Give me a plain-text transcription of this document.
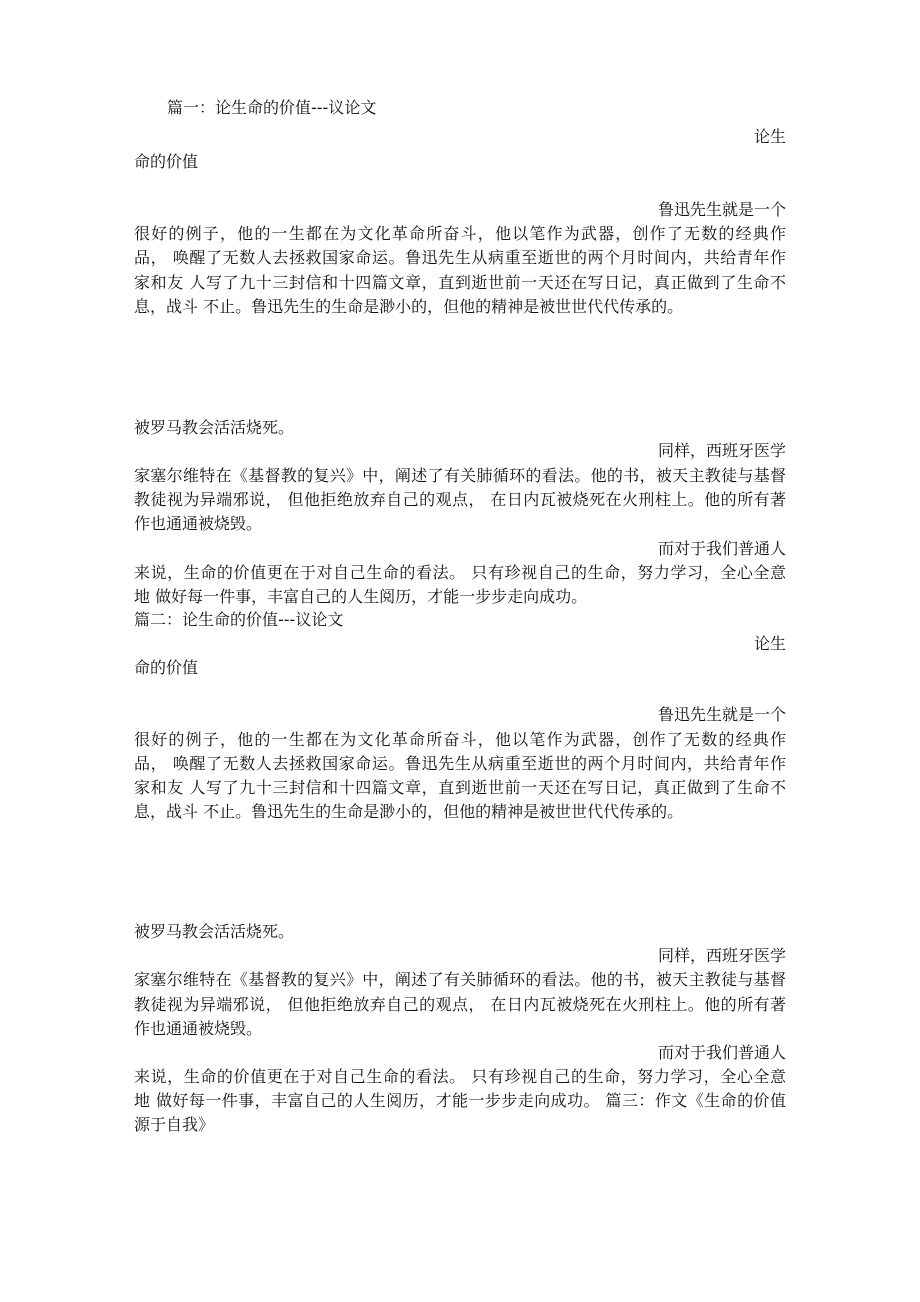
篇一：论生命的价值---议论文
论生
命的价值
鲁迅先生就是一个
很好的例子，他的一生都在为文化革命所奋斗，他以笔作为武器，创作了无数的经典作
品， 唤醒了无数人去拯救国家命运。鲁迅先生从病重至逝世的两个月时间内，共给青年作
家和友 人写了九十三封信和十四篇文章，直到逝世前一天还在写日记，真正做到了生命不
息，战斗 不止。鲁迅先生的生命是渺小的，但他的精神是被世世代代传承的。
被罗马教会活活烧死。
同样，西班牙医学
家塞尔维特在《基督教的复兴》中，阐述了有关肺循环的看法。他的书，被天主教徒与基督
教徒视为异端邪说， 但他拒绝放弃自己的观点， 在日内瓦被烧死在火刑柱上。他的所有著
作也通通被烧毁。
而对于我们普通人
来说，生命的价值更在于对自己生命的看法。 只有珍视自己的生命，努力学习，全心全意
地 做好每一件事，丰富自己的人生阅历，才能一步步走向成功。
篇二：论生命的价值---议论文
论生
命的价值
鲁迅先生就是一个
很好的例子，他的一生都在为文化革命所奋斗，他以笔作为武器，创作了无数的经典作
品， 唤醒了无数人去拯救国家命运。鲁迅先生从病重至逝世的两个月时间内，共给青年作
家和友 人写了九十三封信和十四篇文章，直到逝世前一天还在写日记，真正做到了生命不
息，战斗 不止。鲁迅先生的生命是渺小的，但他的精神是被世世代代传承的。
被罗马教会活活烧死。
同样，西班牙医学
家塞尔维特在《基督教的复兴》中，阐述了有关肺循环的看法。他的书，被天主教徒与基督
教徒视为异端邪说， 但他拒绝放弃自己的观点， 在日内瓦被烧死在火刑柱上。他的所有著
作也通通被烧毁。
而对于我们普通人
来说，生命的价值更在于对自己生命的看法。 只有珍视自己的生命，努力学习，全心全意
地 做好每一件事，丰富自己的人生阅历，才能一步步走向成功。 篇三：作文《生命的价值
源于自我》
